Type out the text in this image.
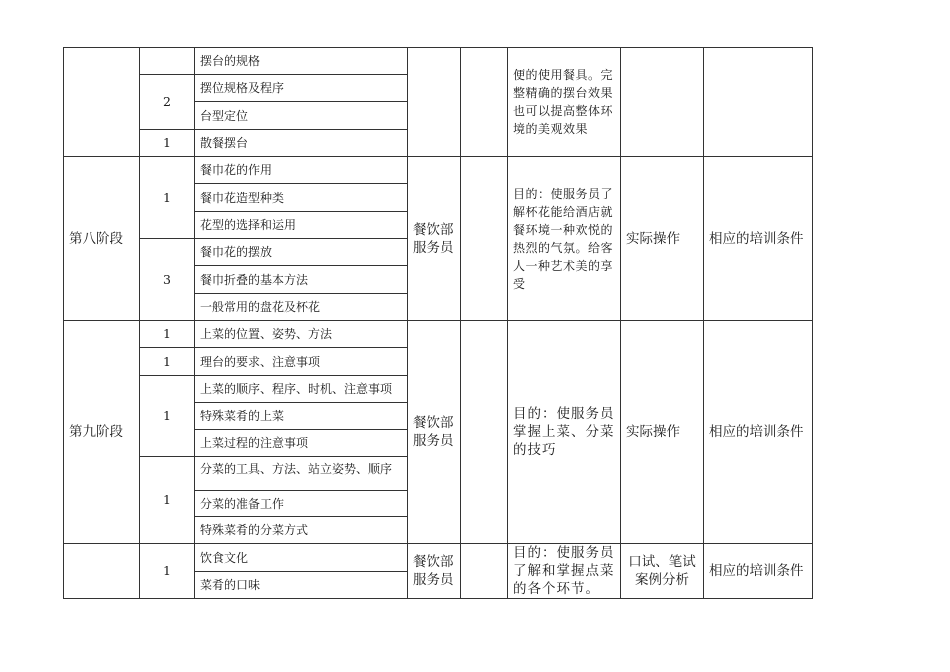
		摆台的规格			便的使用餐具。完整精确的摆台效果也可以提高整体环境的美观效果		
	2	摆位规格及程序					
		台型定位					
	1	散餐摆台					

第八阶段	1	餐巾花的作用	餐饮部服务员		目的：使服务员了解杯花能给酒店就餐环境一种欢悦的热烈的气氛。给客人一种艺术美的享受	实际操作	相应的培训条件
		餐巾花造型种类					
		花型的选择和运用					
	3	餐巾花的摆放					
		餐巾折叠的基本方法					
		一般常用的盘花及杯花					
第九阶段	1	上菜的位置、姿势、方法	餐饮部服务员		目的：使服务员掌握上菜、分菜的技巧	实际操作	相应的培训条件
	1	理台的要求、注意事项					
	1	上菜的顺序、程序、时机、注意事项					
		特殊菜肴的上菜					
		上菜过程的注意事项					
	1	分菜的工具、方法、站立姿势、顺序					
		分菜的准备工作					
		特殊菜肴的分菜方式					
	1	饮食文化	餐饮部服务员		目的：使服务员了解和掌握点菜的各个环节。	口试、笔试案例分析	相应的培训条件
		菜肴的口味					
